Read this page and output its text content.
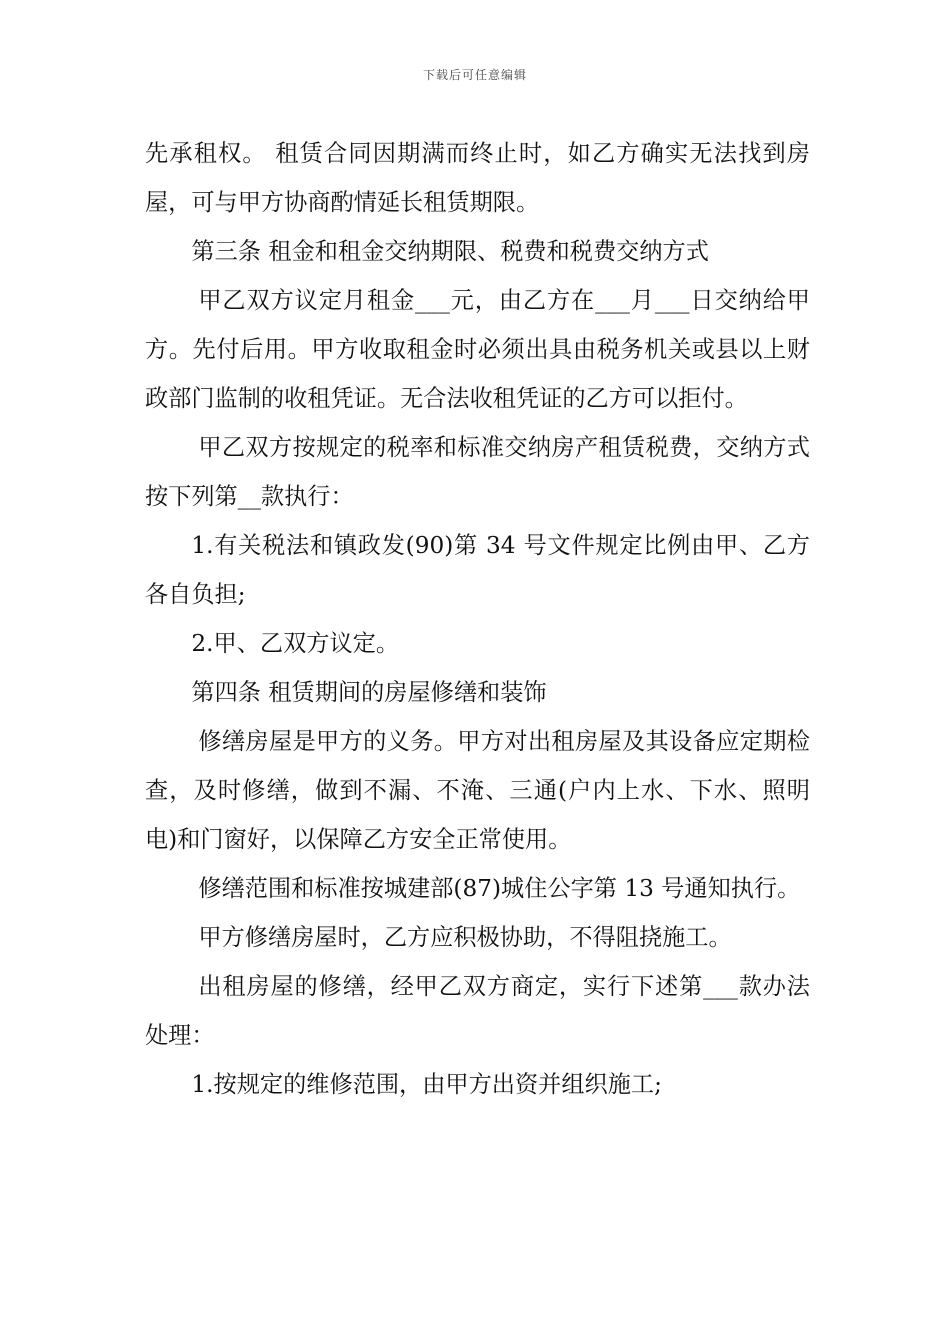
下载后可任意编辑

先承租权。 租赁合同因期满而终止时，如乙方确实无法找到房屋，可与甲方协商酌情延长租赁期限。

第三条 租金和租金交纳期限、税费和税费交纳方式

甲乙双方议定月租金___元，由乙方在___月___日交纳给甲方。先付后用。甲方收取租金时必须出具由税务机关或县以上财政部门监制的收租凭证。无合法收租凭证的乙方可以拒付。

甲乙双方按规定的税率和标准交纳房产租赁税费，交纳方式按下列第__款执行：

1.有关税法和镇政发(90)第 34 号文件规定比例由甲、乙方各自负担;

2.甲、乙双方议定。

第四条 租赁期间的房屋修缮和装饰

修缮房屋是甲方的义务。甲方对出租房屋及其设备应定期检查，及时修缮，做到不漏、不淹、三通(户内上水、下水、照明电)和门窗好，以保障乙方安全正常使用。

修缮范围和标准按城建部(87)城住公字第 13 号通知执行。

甲方修缮房屋时，乙方应积极协助，不得阻挠施工。

出租房屋的修缮，经甲乙双方商定，实行下述第___款办法处理：

1.按规定的维修范围，由甲方出资并组织施工;
